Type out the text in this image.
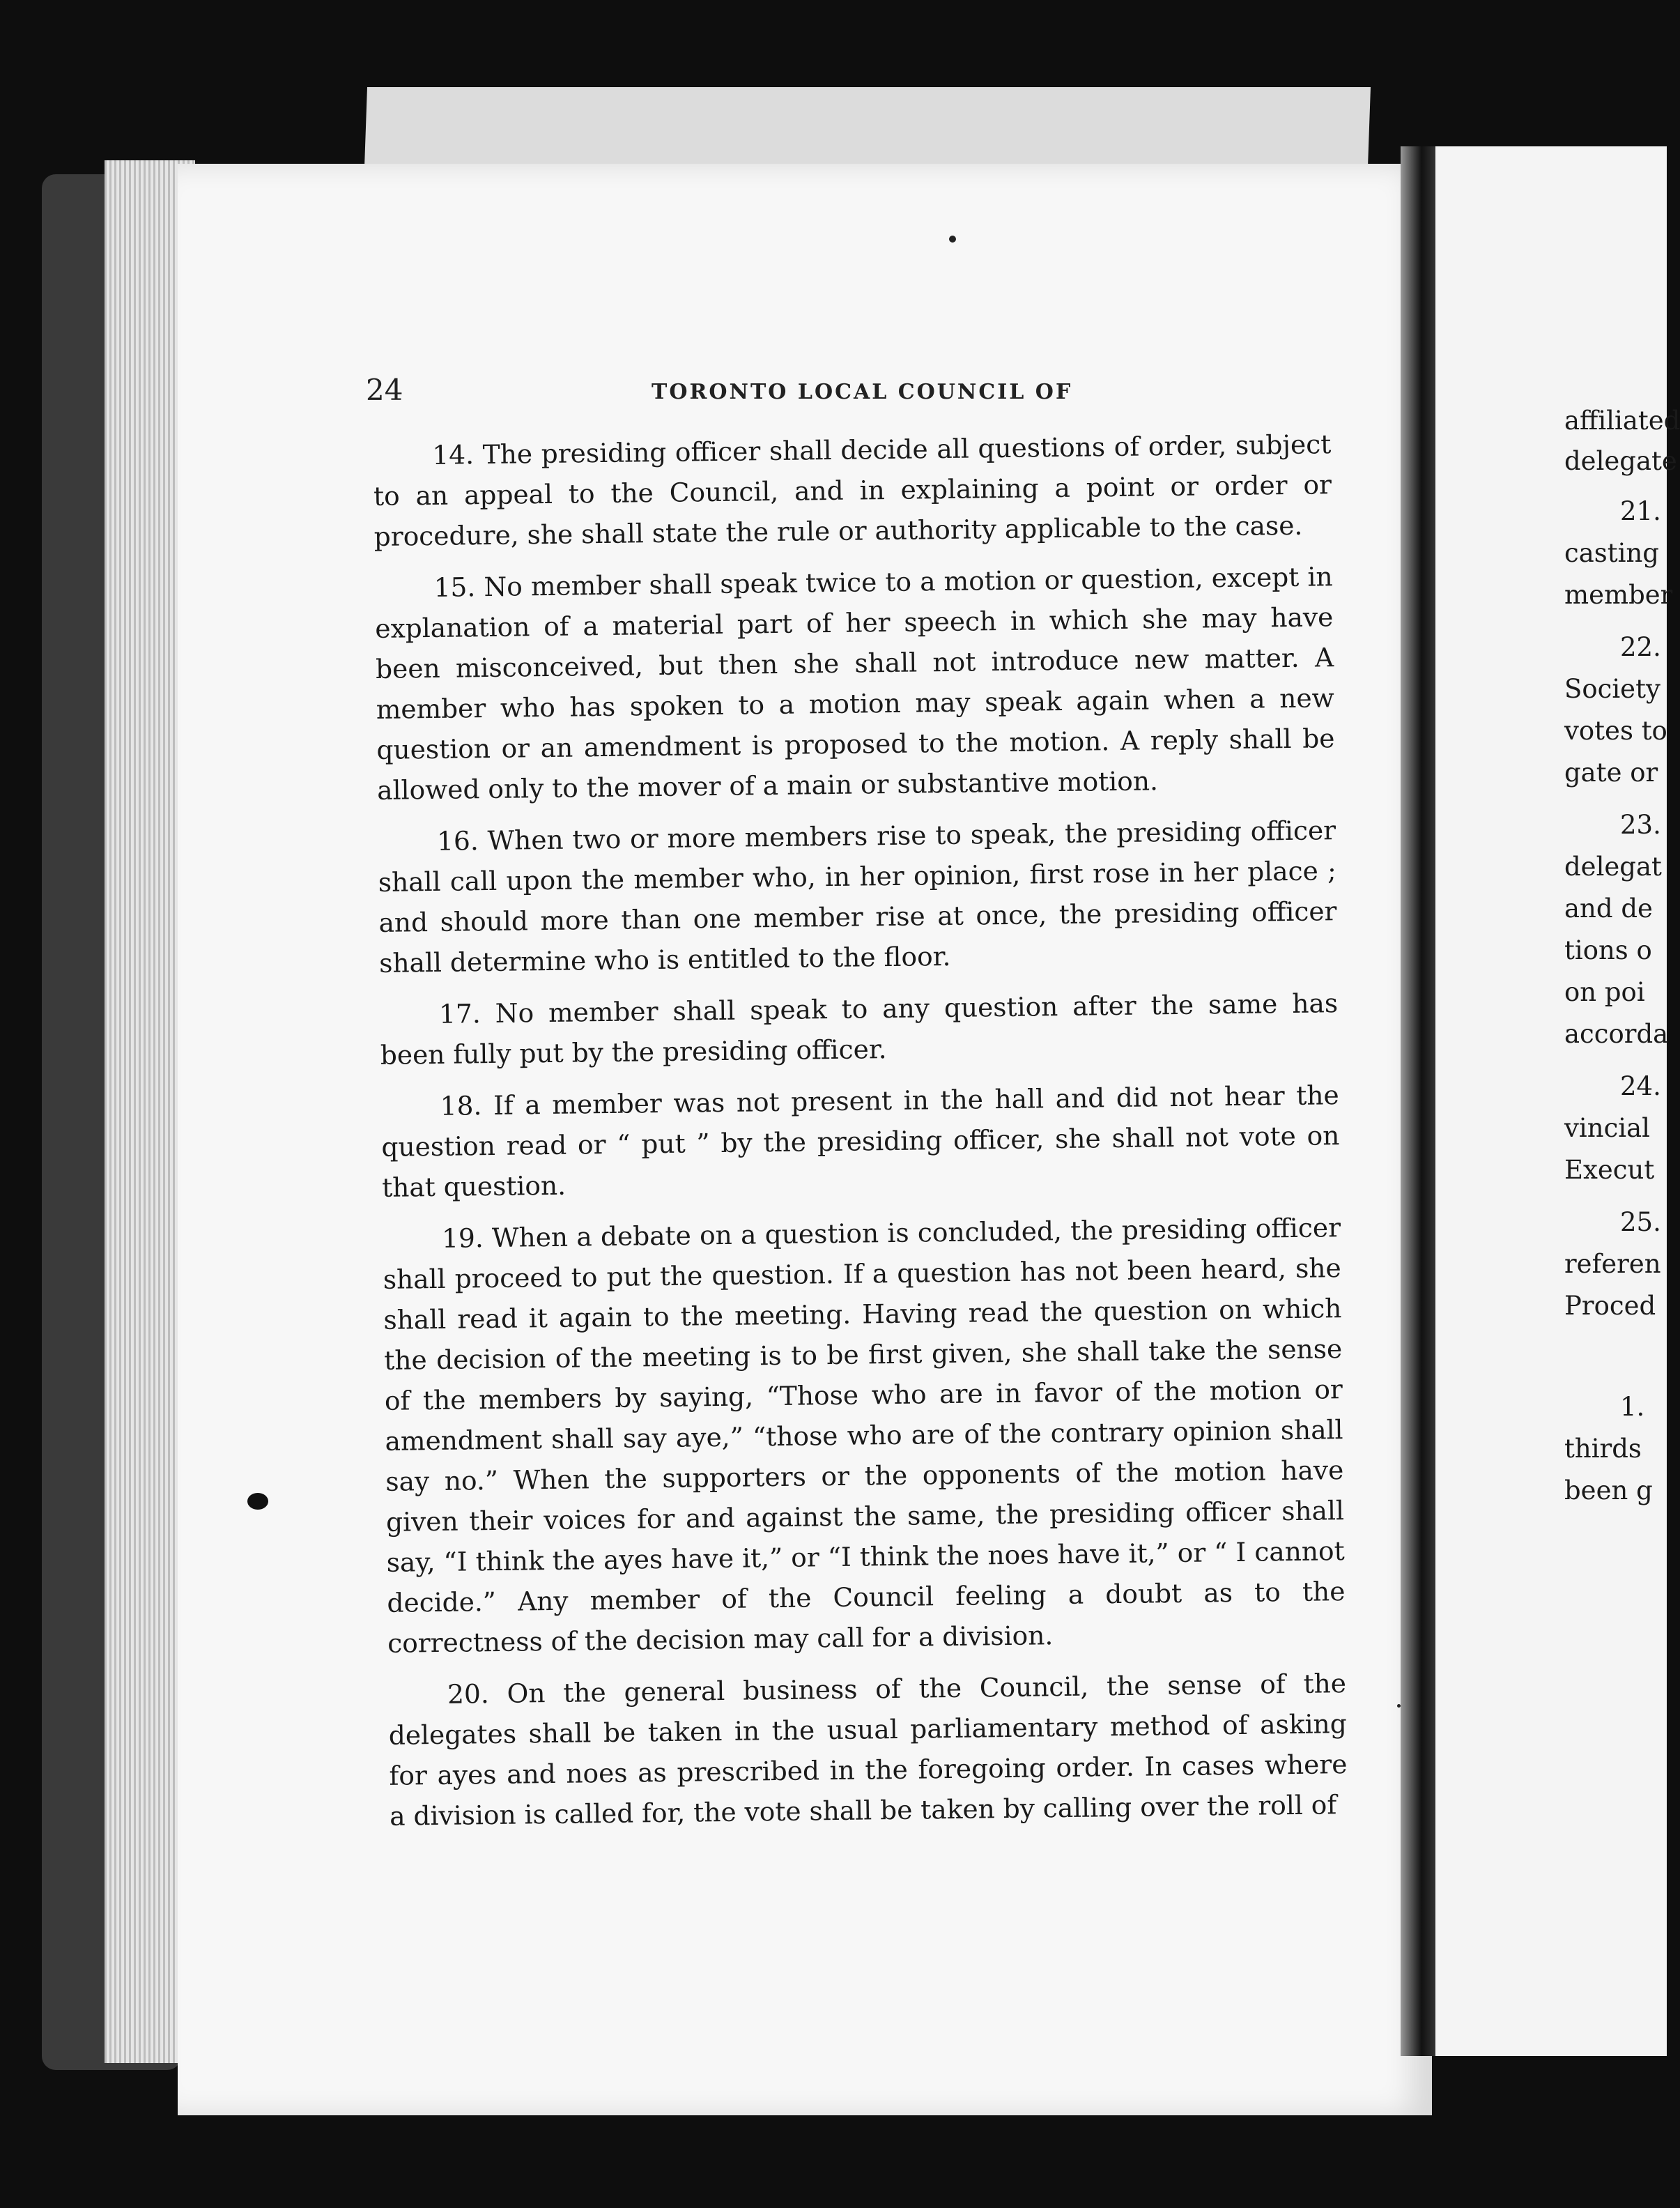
24	TORONTO LOCAL COUNCIL OF

14. The presiding officer shall decide all questions of order, subject to an appeal to the Council, and in explaining a point or order or procedure, she shall state the rule or authority applicable to the case.

15. No member shall speak twice to a motion or question, except in explanation of a material part of her speech in which she may have been misconceived, but then she shall not introduce new matter. A member who has spoken to a motion may speak again when a new question or an amendment is proposed to the motion. A reply shall be allowed only to the mover of a main or substantive motion.

16. When two or more members rise to speak, the presiding officer shall call upon the member who, in her opinion, first rose in her place ; and should more than one member rise at once, the presiding officer shall determine who is entitled to the floor.

17. No member shall speak to any question after the same has been fully put by the presiding officer.

18. If a member was not present in the hall and did not hear the question read or “ put ” by the presiding officer, she shall not vote on that question.

19. When a debate on a question is concluded, the presiding officer shall proceed to put the question. If a question has not been heard, she shall read it again to the meeting. Having read the question on which the decision of the meeting is to be first given, she shall take the sense of the members by saying, “Those who are in favor of the motion or amendment shall say aye,” “those who are of the contrary opinion shall say no.” When the supporters or the opponents of the motion have given their voices for and against the same, the presiding officer shall say, “I think the ayes have it,” or “I think the noes have it,” or “ I cannot decide.” Any member of the Council feeling a doubt as to the correctness of the decision may call for a division.

20. On the general business of the Council, the sense of the delegates shall be taken in the usual parliamentary method of asking for ayes and noes as prescribed in the foregoing order. In cases where a division is called for, the vote shall be taken by calling over the roll of

affiliated
delegate
21.
casting
member
22.
Society
votes to
gate or
23.
delegat
and de
tions o
on poi
accorda
24.
vincial
Execut
25.
referen
Proced
1.
thirds
been g
